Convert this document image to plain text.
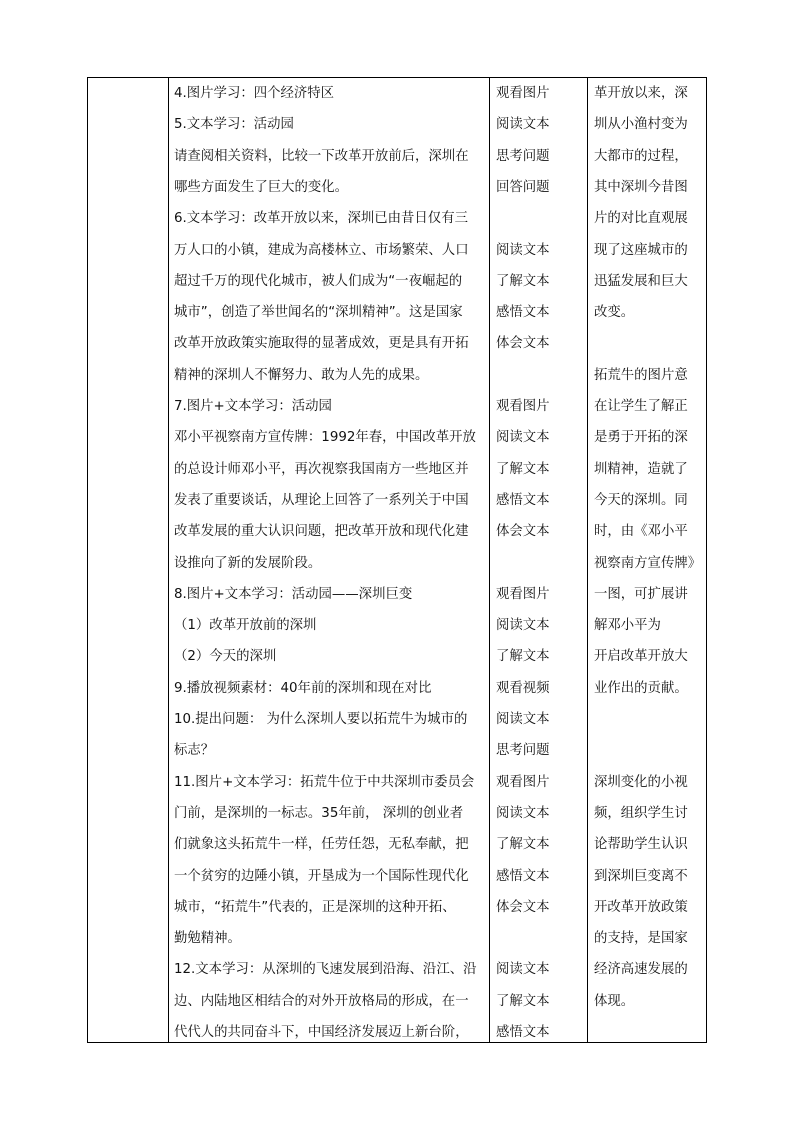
4.图片学习：四个经济特区
5.文本学习：活动园
请查阅相关资料，比较一下改革开放前后，深圳在
哪些方面发生了巨大的变化。
6.文本学习：改革开放以来，深圳已由昔日仅有三
万人口的小镇，建成为高楼林立、市场繁荣、人口
超过千万的现代化城市，被人们成为“一夜崛起的
城市”，创造了举世闻名的“深圳精神”。这是国家
改革开放政策实施取得的显著成效，更是具有开拓
精神的深圳人不懈努力、敢为人先的成果。
7.图片+文本学习：活动园
邓小平视察南方宣传牌：1992年春，中国改革开放
的总设计师邓小平，再次视察我国南方一些地区并
发表了重要谈话，从理论上回答了一系列关于中国
改革发展的重大认识问题，把改革开放和现代化建
设推向了新的发展阶段。
8.图片+文本学习：活动园——深圳巨变
（1）改革开放前的深圳
（2）今天的深圳
9.播放视频素材：40年前的深圳和现在对比
10.提出问题： 为什么深圳人要以拓荒牛为城市的
标志？
11.图片+文本学习：拓荒牛位于中共深圳市委员会
门前，是深圳的一标志。35年前， 深圳的创业者
们就象这头拓荒牛一样，任劳任怨，无私奉献，把
一个贫穷的边陲小镇，开垦成为一个国际性现代化
城市，“拓荒牛”代表的，正是深圳的这种开拓、
勤勉精神。
12.文本学习：从深圳的飞速发展到沿海、沿江、沿
边、内陆地区相结合的对外开放格局的形成，在一
代代人的共同奋斗下，中国经济发展迈上新台阶，
观看图片
阅读文本
思考问题
回答问题
阅读文本
了解文本
感悟文本
体会文本
观看图片
阅读文本
了解文本
感悟文本
体会文本
观看图片
阅读文本
了解文本
观看视频
阅读文本
思考问题
观看图片
阅读文本
了解文本
感悟文本
体会文本
阅读文本
了解文本
感悟文本
革开放以来，深
圳从小渔村变为
大都市的过程，
其中深圳今昔图
片的对比直观展
现了这座城市的
迅猛发展和巨大
改变。
拓荒牛的图片意
在让学生了解正
是勇于开拓的深
圳精神，造就了
今天的深圳。同
时，由《邓小平
视察南方宣传牌》
一图，可扩展讲
解邓小平为
开启改革开放大
业作出的贡献。
深圳变化的小视
频，组织学生讨
论帮助学生认识
到深圳巨变离不
开改革开放政策
的支持，是国家
经济高速发展的
体现。
